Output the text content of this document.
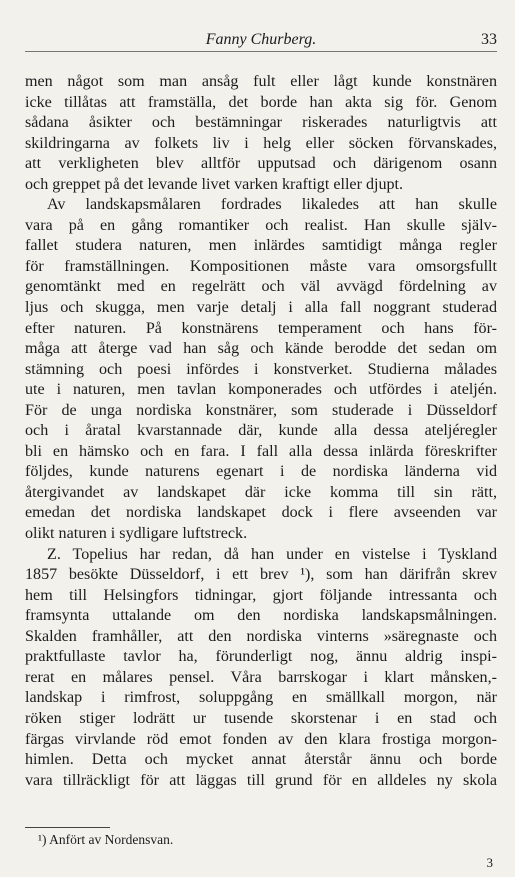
Fanny Churberg.	33
men något som man ansåg fult eller lågt kunde konstnären
icke tillåtas att framställa, det borde han akta sig för. Genom
sådana åsikter och bestämningar riskerades naturligtvis att
skildringarna av folkets liv i helg eller söcken förvanskades,
att verkligheten blev alltför upputsad och därigenom osann
och greppet på det levande livet varken kraftigt eller djupt.
Av landskapsmålaren fordrades likaledes att han skulle
vara på en gång romantiker och realist. Han skulle själv-
fallet studera naturen, men inlärdes samtidigt många regler
för framställningen. Kompositionen måste vara omsorgsfullt
genomtänkt med en regelrätt och väl avvägd fördelning av
ljus och skugga, men varje detalj i alla fall noggrant studerad
efter naturen. På konstnärens temperament och hans för-
måga att återge vad han såg och kände berodde det sedan om
stämning och poesi infördes i konstverket. Studierna målades
ute i naturen, men tavlan komponerades och utfördes i ateljén.
För de unga nordiska konstnärer, som studerade i Düsseldorf
och i åratal kvarstannade där, kunde alla dessa ateljéregler
bli en hämsko och en fara. I fall alla dessa inlärda föreskrifter
följdes, kunde naturens egenart i de nordiska länderna vid
återgivandet av landskapet där icke komma till sin rätt,
emedan det nordiska landskapet dock i flere avseenden var
olikt naturen i sydligare luftstreck.
Z. Topelius har redan, då han under en vistelse i Tyskland
1857 besökte Düsseldorf, i ett brev ¹), som han därifrån skrev
hem till Helsingfors tidningar, gjort följande intressanta och
framsynta uttalande om den nordiska landskapsmålningen.
Skalden framhåller, att den nordiska vinterns »säregnaste och
praktfullaste tavlor ha, förunderligt nog, ännu aldrig inspi-
rerat en målares pensel. Våra barrskogar i klart månsken,-
landskap i rimfrost, soluppgång en smällkall morgon, när
röken stiger lodrätt ur tusende skorstenar i en stad och
färgas virvlande röd emot fonden av den klara frostiga morgon-
himlen. Detta och mycket annat återstår ännu och borde
vara tillräckligt för att läggas till grund för en alldeles ny skola
¹) Anfört av Nordensvan.
3
